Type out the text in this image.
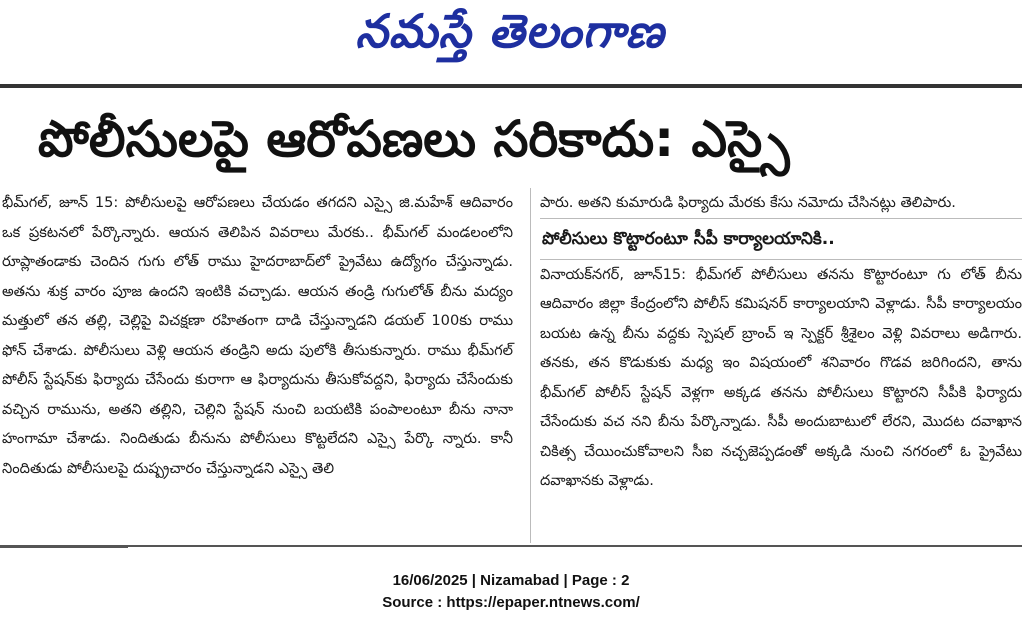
నమస్తే తెలంగాణ
పోలీసులపై ఆరోపణలు సరికాదు: ఎస్సై

భీమ్‌గల్, జూన్ 15: పోలీసులపై ఆరోపణలు చేయడం తగదని ఎస్సై జి.మహేశ్ ఆదివారం ఒక ప్రకటనలో పేర్కొన్నారు. ఆయన తెలిపిన వివరాలు మేరకు.. భీమ్‌గల్ మండలంలోని రూప్లాతండాకు చెందిన గుగు లోత్ రాము హైదరాబాద్‌లో ప్రైవేటు ఉద్యోగం చేస్తున్నాడు. అతను శుక్ర వారం పూజ ఉందని ఇంటికి వచ్చాడు. ఆయన తండ్రి గుగులోత్ బీను మద్యం మత్తులో తన తల్లి, చెల్లిపై విచక్షణా రహితంగా దాడి చేస్తున్నాడని డయల్ 100కు రాము ఫోన్ చేశాడు. పోలీసులు వెళ్లి ఆయన తండ్రిని అదు పులోకి తీసుకున్నారు. రాము భీమ్‌గల్ పోలీస్ స్టేషన్‌కు ఫిర్యాదు చేసేందు కురాగా ఆ ఫిర్యాదును తీసుకోవద్దని, ఫిర్యాదు చేసేందుకు వచ్చిన రామును, అతని తల్లిని, చెల్లిని స్టేషన్ నుంచి బయటికి పంపాలంటూ బీను నానా హంగామా చేశాడు. నిందితుడు బీనును పోలీసులు కొట్టలేదని ఎస్సై పేర్కొ న్నారు. కానీ నిందితుడు పోలీసులపై దుష్ప్రచారం చేస్తున్నాడని ఎస్సై తెలి

పారు. అతని కుమారుడి ఫిర్యాదు మేరకు కేసు నమోదు చేసినట్లు తెలిపారు.

పోలీసులు కొట్టారంటూ సీపీ కార్యాలయానికి..

వినాయక్‌నగర్, జూన్15: భీమ్‌గల్ పోలీసులు తనను కొట్టారంటూ గు లోత్ బీను ఆదివారం జిల్లా కేంద్రంలోని పోలీస్ కమిషనర్ కార్యాలయాని వెళ్లాడు. సీపీ కార్యాలయం బయట ఉన్న బీను వద్దకు స్పెషల్ బ్రాంచ్ ఇ స్పెక్టర్ శ్రీశైలం వెళ్లి వివరాలు అడిగారు. తనకు, తన కొడుకుకు మధ్య ఇం విషయంలో శనివారం గొడవ జరిగిందని, తాను భీమ్‌గల్ పోలీస్ స్టేషన్ వెళ్లగా అక్కడ తనను పోలీసులు కొట్టారని సీపీకి ఫిర్యాదు చేసేందుకు వచ నని బీను పేర్కొన్నాడు. సీపీ అందుబాటులో లేరని, మొదట దవాఖాన చికిత్స చేయించుకోవాలని సీఐ నచ్చజెప్పడంతో అక్కడి నుంచి నగరంలో ఓ ప్రైవేటు దవాఖానకు వెళ్లాడు.

16/06/2025 | Nizamabad | Page : 2
Source : https://epaper.ntnews.com/
